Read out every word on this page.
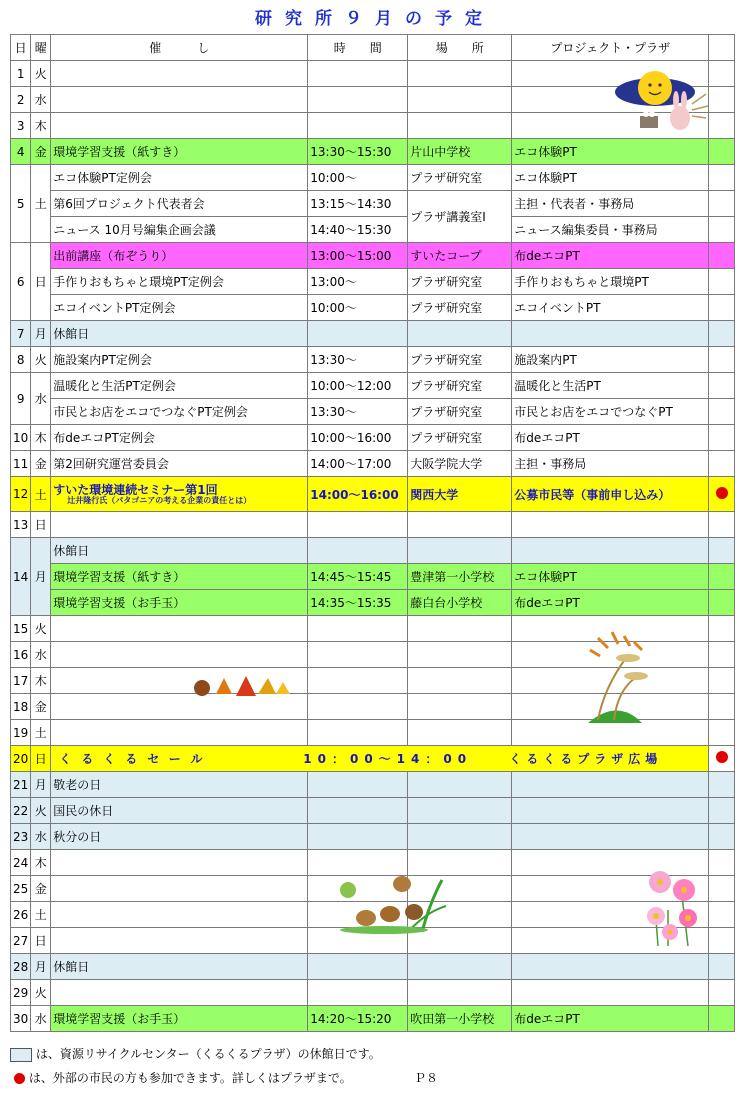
研究所９月の予定
日	曜	催　　　し	時　　間	場　　所	プロジェクト・プラザ	
1	火					
2	水					
3	木					
4	金	環境学習支援（紙すき）	13:30～15:30	片山中学校	エコ体験PT	
5	土	エコ体験PT定例会	10:00～	プラザ研究室	エコ体験PT	
		第6回プロジェクト代表者会	13:15～14:30	プラザ講義室Ⅰ	主担・代表者・事務局	
		ニュース 10月号編集企画会議	14:40～15:30		ニュース編集委員・事務局	
6	日	出前講座（布ぞうり）	13:00～15:00	すいたコープ	布deエコPT	
		手作りおもちゃと環境PT定例会	13:00～	プラザ研究室	手作りおもちゃと環境PT	
		エコイベントPT定例会	10:00～	プラザ研究室	エコイベントPT	
7	月	休館日				
8	火	施設案内PT定例会	13:30～	プラザ研究室	施設案内PT	
9	水	温暖化と生活PT定例会	10:00～12:00	プラザ研究室	温暖化と生活PT	
		市民とお店をエコでつなぐPT定例会	13:30～	プラザ研究室	市民とお店をエコでつなぐPT	
10	木	布deエコPT定例会	10:00～16:00	プラザ研究室	布deエコPT	
11	金	第2回研究運営委員会	14:00～17:00	大阪学院大学	主担・事務局	
12	土	すいた環境連続セミナー第1回
辻井隆行氏（パタゴニアの考える企業の責任とは）	14:00～16:00	関西大学	公募市民等（事前申し込み）	
13	日					
14	月	休館日				
		環境学習支援（紙すき）	14:45～15:45	豊津第一小学校	エコ体験PT	
		環境学習支援（お手玉）	14:35～15:35	藤白台小学校	布deエコPT	
15	火					
16	水					
17	木					
18	金					
19	土					
20	日	くるくるセール 10：00～14：00 くるくるプラザ広場				
21	月	敬老の日				
22	火	国民の休日				
23	水	秋分の日				
24	木					
25	金					
26	土					
27	日					
28	月	休館日				
29	火					
30	水	環境学習支援（お手玉）	14:20～15:20	吹田第一小学校	布deエコPT	
は、資源リサイクルセンター（くるくるプラザ）の休館日です。
は、外部の市民の方も参加できます。詳しくはプラザまで。	Ｐ８
